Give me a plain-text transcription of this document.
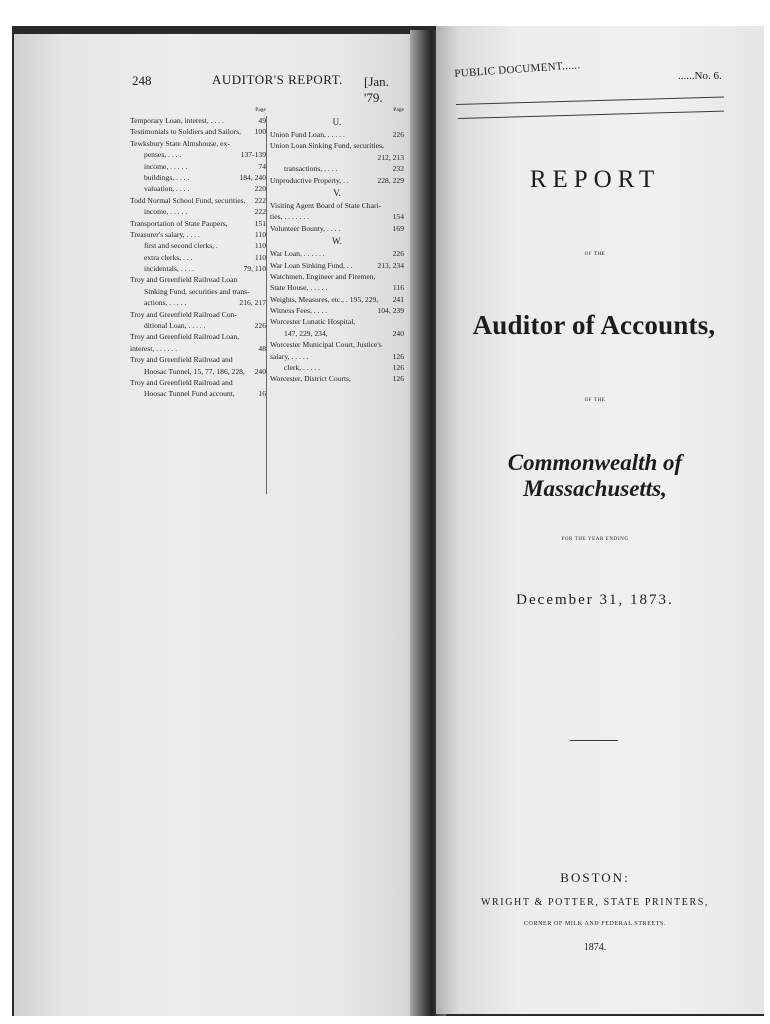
248	AUDITOR'S REPORT. [Jan. '79.
Page
Temporary Loan, interest, . . . .	49
Testimonials to Soldiers and Sailors,	100
Tewksbury State Almshouse, ex-
penses, . . . .	137-139
income, . . . . .	74
buildings, . . . .	184, 240
valuation, . . . .	220
Todd Normal School Fund, securities,	222
income, . . . . .	222
Transportation of State Paupers,	151
Treasurer's salary, . . . .	110
first and second clerks, .	110
extra clerks, . . .	110
incidentals, . . . .	79, 110
Troy and Greenfield Railroad Loan
Sinking Fund, securities and trans-
actions, . . . . .	216, 217
Troy and Greenfield Railroad Con-
ditional Loan, . . . . .	226
Troy and Greenfield Railroad Loan,
interest, . . . . . .	48
Troy and Greenfield Railroad and
Hoosac Tunnel, 15, 77, 186, 228,	240
Troy and Greenfield Railroad and
Hoosac Tunnel Fund account,	16
Page
U.
Union Fund Loan, . . . . .	226
Union Loan Sinking Fund, securities,
212, 213
transactions, . . . .	232
Unproductive Property, . .	228, 229
V.
Visiting Agent Board of State Chari-
ties, . . . . . . .	154
Volunteer Bounty, . . . .	169
W.
War Loan, . . . . . .	226
War Loan Sinking Fund, . .	213, 234
Watchmen, Engineer and Firemen,
State House, . . . . .	116
Weights, Measures, etc., . 195, 229,	241
Witness Fees, . . . .	104, 239
Worcester Lunatic Hospital,
147, 229, 234,	240
Worcester Municipal Court, Justice's
salary, . . . . .	126
clerk, . . . . .	126
Worcester, District Courts,	126
PUBLIC DOCUMENT......	......No. 6.
REPORT
OF THE
Auditor of Accounts,
OF THE
Commonwealth of Massachusetts,
FOR THE YEAR ENDING
December 31, 1873.
BOSTON:
WRIGHT & POTTER, STATE PRINTERS,
CORNER OF MILK AND FEDERAL STREETS.
1874.
